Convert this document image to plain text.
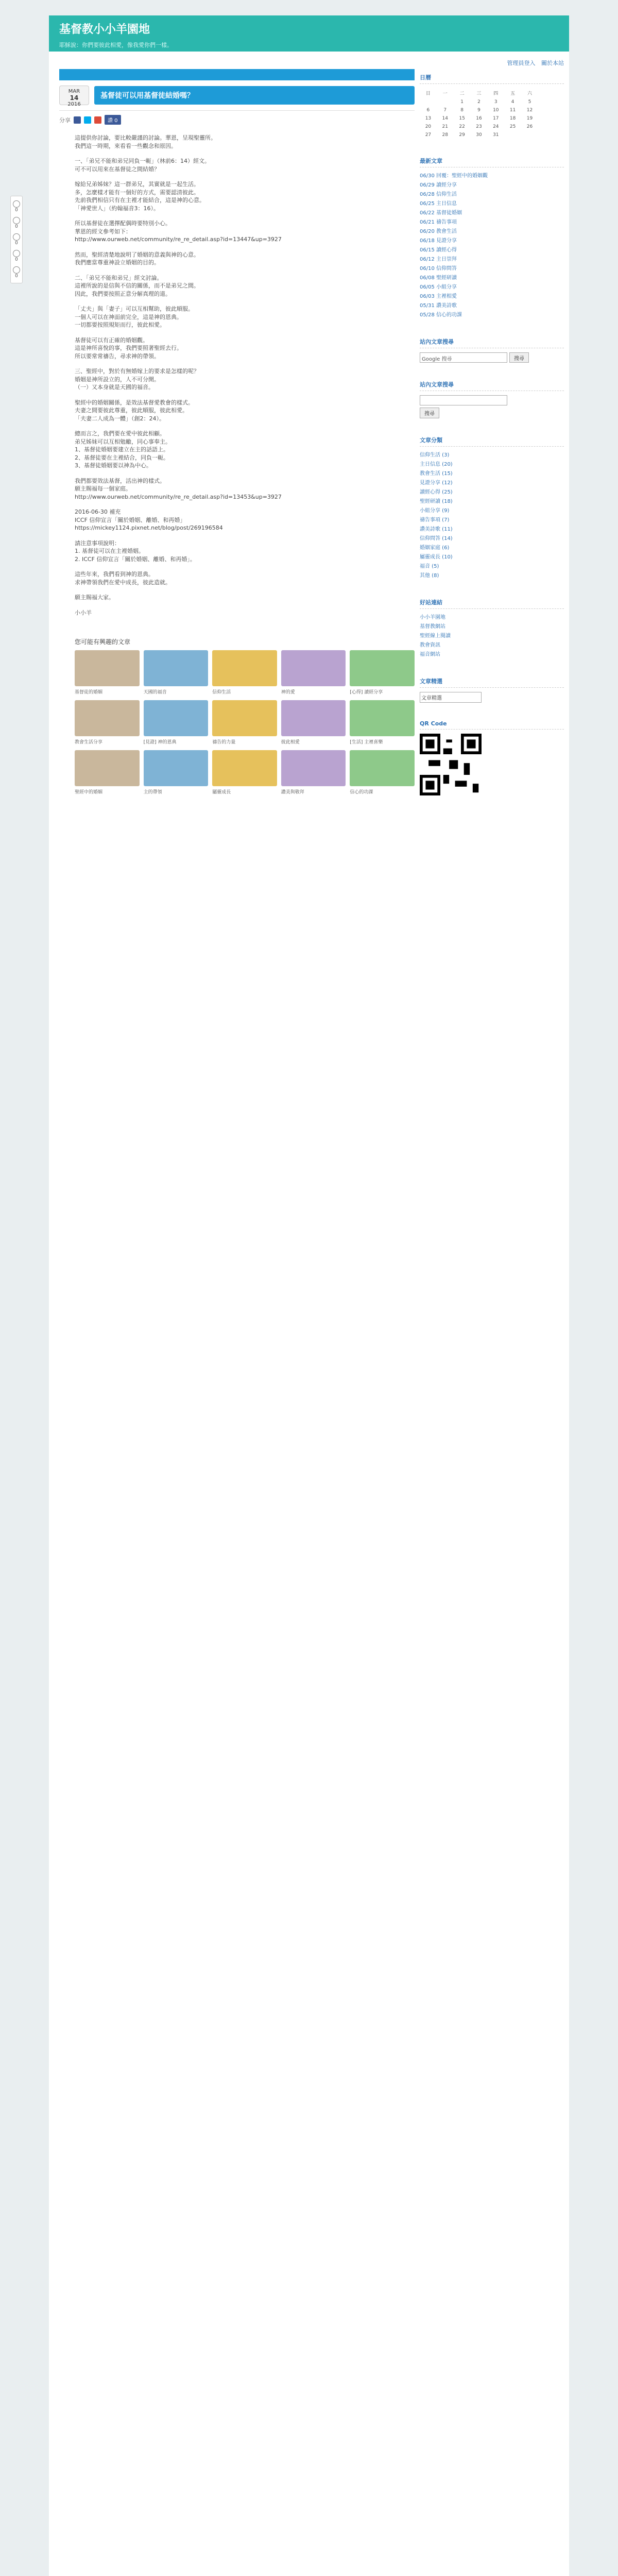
0
0
0
0
0
基督教小小羊園地
耶穌說：你們要彼此相愛，像我愛你們一樣。
MAR
14
2016
基督徒可以用基督徒結婚嗎？
分享	讚 0
這提供你討論，要比較嚴謹的討論。華恩，呈現聖靈所。
我們這一時期，來看看一些觀念和原因。
一、「弟兄不能和弟兄同負一軛」（林前6：14）經文。
可不可以用來在基督徒之間結婚？
嫁給兄弟姊妹？這一群弟兄，其實就是一起生活。
多，怎麼樣才能有一個好的方式，需要認清彼此。
先前我們相信只有在主裡才能結合，這是神的心意。
「神愛世人」（約翰福音3：16）。
所以基督徒在選擇配偶時要特別小心。
華恩的經文參考如下：
http://www.ourweb.net/community/re_re_detail.asp?id=13447&up=3927
然而，聖經清楚地說明了婚姻的意義與神的心意。
我們應當尊重神設立婚姻的目的。
二、「弟兄不能和弟兄」經文討論。
這裡所說的是信與不信的關係，而不是弟兄之間。
因此，我們要按照正意分解真理的道。
「丈夫」與「妻子」可以互相幫助，彼此順服。
一個人可以在神面前完全，這是神的恩典。
一切都要按照規矩而行，彼此相愛。
基督徒可以有正確的婚姻觀。
這是神所喜悅的事，我們要照著聖經去行。
所以要常常禱告，尋求神的帶領。
三、聖經中，對於有無婚嫁上的要求是怎樣的呢？
婚姻是神所設立的，人不可分開。
（一）又本身就是天國的福音。
聖經中的婚姻關係，是效法基督愛教會的樣式。
夫妻之間要彼此尊重，彼此順服，彼此相愛。
「夫妻二人成為一體」（創2：24）。
總而言之，我們要在愛中彼此相顧。
弟兄姊妹可以互相勉勵，同心事奉主。
1、基督徒婚姻要建立在主的話語上。
2、基督徒要在主裡結合，同負一軛。
3、基督徒婚姻要以神為中心。
我們都要效法基督，活出神的樣式。
願主賜福每一個家庭。
http://www.ourweb.net/community/re_re_detail.asp?id=13453&up=3927
2016-06-30 補充
ICCF 信仰宣言「關於婚姻、離婚、和再婚」
https://mickey1124.pixnet.net/blog/post/269196584
請注意事項說明：
1. 基督徒可以在主裡婚姻。
2. ICCF 信仰宣言「關於婚姻、離婚、和再婚」。
這些年來，我們看到神的恩典。
求神帶領我們在愛中成長，彼此造就。
願主賜福大家。
小小羊
您可能有興趣的文章
基督徒的婚姻	天國的福音	信仰生活	神的愛	[心得] 讀經分享
教會生活分享	[見證] 神的恩典	禱告的力量	彼此相愛	[生活] 主裡喜樂
聖經中的婚姻	主的帶領	屬靈成長	讚美與敬拜	信心的功課
管理員登入 關於本站
日曆
日	一	二	三	四	五	六
		1	2	3	4	5
6	7	8	9	10	11	12
13	14	15	16	17	18	19
20	21	22	23	24	25	26
27	28	29	30	31		
最新文章
06/30 回覆：聖經中的婚姻觀
06/29 讀經分享
06/28 信仰生活
06/25 主日信息
06/22 基督徒婚姻
06/21 禱告事項
06/20 教會生活
06/18 見證分享
06/15 讀經心得
06/12 主日崇拜
06/10 信仰問答
06/08 聖經研讀
06/05 小組分享
06/03 主裡相愛
05/31 讚美詩歌
05/28 信心的功課
站內文章搜尋
Google 搜尋	搜尋
站內文章搜尋
搜尋
文章分類
信仰生活 (3)
主日信息 (20)
教會生活 (15)
見證分享 (12)
讀經心得 (25)
聖經研讀 (18)
小組分享 (9)
禱告事項 (7)
讚美詩歌 (11)
信仰問答 (14)
婚姻家庭 (6)
屬靈成長 (10)
福音 (5)
其他 (8)
好站連結
小小羊園地
基督教網站
聖經線上閱讀
教會資訊
福音網站
文章精選
文章精選
QR Code
